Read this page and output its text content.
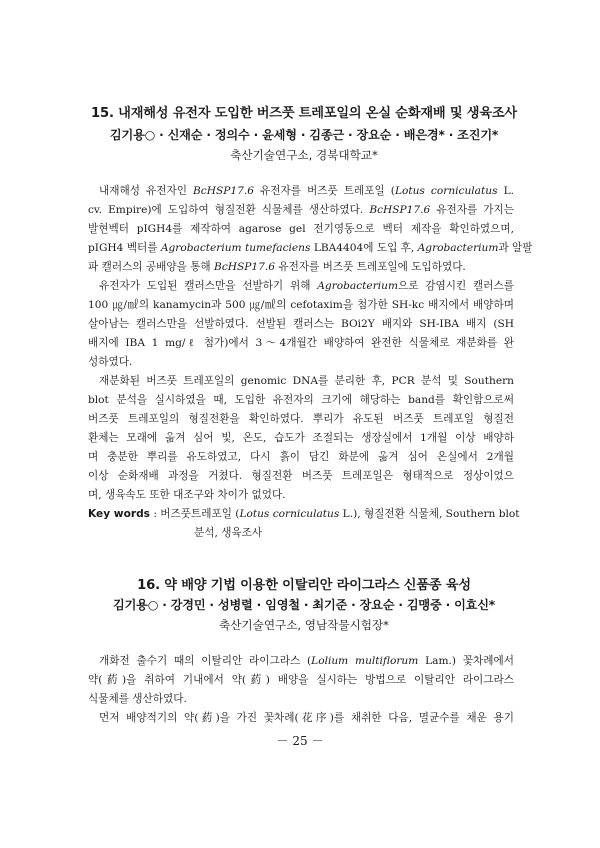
15. 내재해성 유전자 도입한 버즈풋 트레포일의 온실 순화재배 및 생육조사
김기용○ · 신재순 · 정의수 · 윤세형 · 김종근 · 장요순 · 배은경* · 조진기*
축산기술연구소, 경북대학교*
내재해성 유전자인 BcHSP17.6 유전자를 버즈풋 트레포일 (Lotus corniculatus L.
cv. Empire)에 도입하여 형질전환 식물체를 생산하였다. BcHSP17.6 유전자를 가지는
발현벡터 pIGH4를 제작하여 agarose gel 전기영동으로 벡터 제작을 확인하였으며,
pIGH4 벡터를 Agrobacterium tumefaciens LBA4404에 도입 후, Agrobacterium과 알팔
파 캘러스의 공배양을 통해 BcHSP17.6 유전자를 버즈풋 트레포일에 도입하였다.
유전자가 도입된 캘러스만을 선발하기 위해 Agrobacterium으로 감염시킨 캘러스를
100 ㎍/㎖의 kanamycin과 500 ㎍/㎖의 cefotaxim을 첨가한 SH-kc 배지에서 배양하며
살아남는 캘러스만을 선발하였다. 선발된 캘러스는 BOi2Y 배지와 SH-IBA 배지 (SH
배지에 IBA 1 mg/ℓ 첨가)에서 3～4개월간 배양하여 완전한 식물체로 재분화를 완
성하였다.
재분화된 버즈풋 트레포일의 genomic DNA를 분리한 후, PCR 분석 및 Southern
blot 분석을 실시하였을 때, 도입한 유전자의 크기에 해당하는 band를 확인함으로써
버즈풋 트레포일의 형질전환을 확인하였다. 뿌리가 유도된 버즈풋 트레포일 형질전
환체는 모래에 옮겨 심어 빛, 온도, 습도가 조절되는 생장실에서 1개월 이상 배양하
며 충분한 뿌리를 유도하였고, 다시 흙이 담긴 화분에 옮겨 심어 온실에서 2개월
이상 순화재배 과정을 거쳤다. 형질전환 버즈풋 트레포일은 형태적으로 정상이었으
며, 생육속도 또한 대조구와 차이가 없었다.
Key words : 버즈풋트레포일 (Lotus corniculatus L.), 형질전환 식물체, Southern blot
분석, 생육조사
16. 약 배양 기법 이용한 이탈리안 라이그라스 신품종 육성
김기용○ · 강경민 · 성병렬 · 임영철 · 최기준 · 장요순 · 김맹중 · 이효신*
축산기술연구소, 영남작물시험장*
개화전 출수기 때의 이탈리안 라이그라스 (Lolium multiflorum Lam.) 꽃차례에서
약(葯)을 취하여 기내에서 약(葯) 배양을 실시하는 방법으로 이탈리안 라이그라스
식물체를 생산하였다.
먼저 배양적기의 약(葯)을 가진 꽃차례(花序)를 채취한 다음, 멸균수를 채운 용기
－ 25 －
